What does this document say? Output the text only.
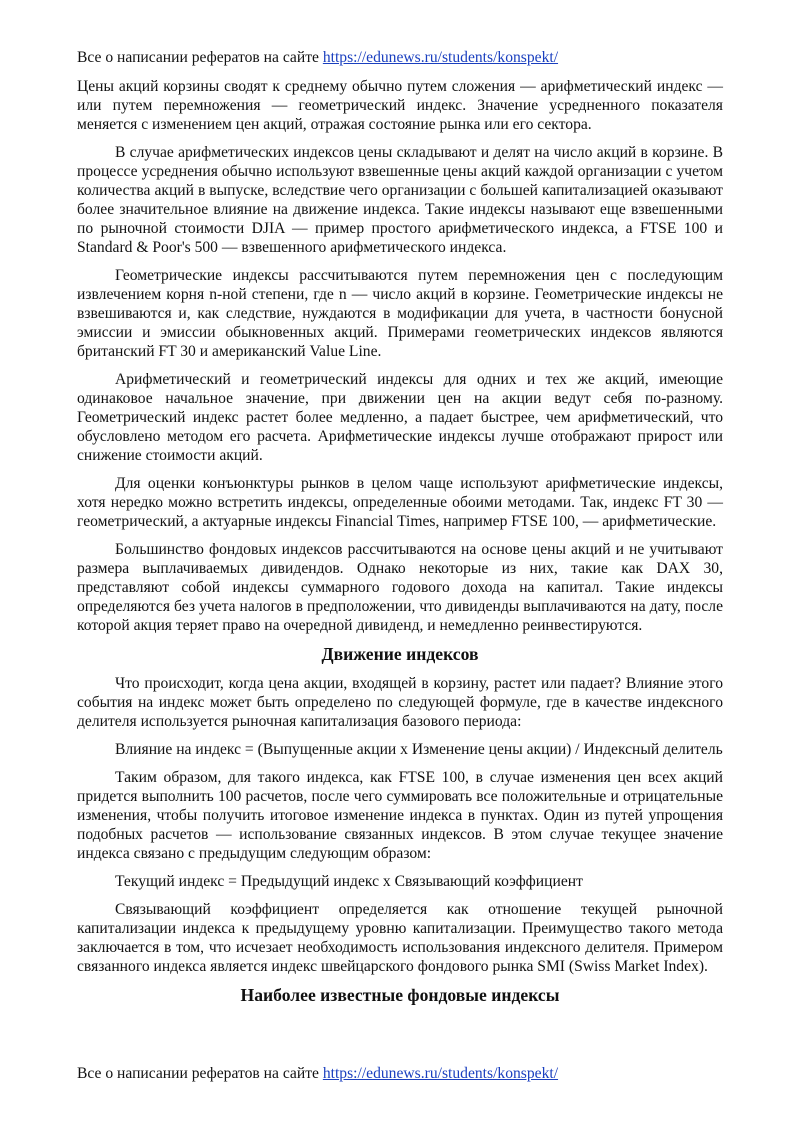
Все о написании рефератов на сайте https://edunews.ru/students/konspekt/

Цены акций корзины сводят к среднему обычно путем сложения — арифметический индекс — или путем перемножения — геометрический индекс. Значение усредненного показателя меняется с изменением цен акций, отражая состояние рынка или его сектора.

В случае арифметических индексов цены складывают и делят на число акций в корзине. В процессе усреднения обычно используют взвешенные цены акций каждой организации с учетом количества акций в выпуске, вследствие чего организации с большей капитализацией оказывают более значительное влияние на движение индекса. Такие индексы называют еще взвешенными по рыночной стоимости DJIA — пример простого арифметического индекса, а FTSE 100 и Standard & Poor's 500 — взвешенного арифметического индекса.

Геометрические индексы рассчитываются путем перемножения цен с последующим извлечением корня n-ной степени, где n — число акций в корзине. Геометрические индексы не взвешиваются и, как следствие, нуждаются в модификации для учета, в частности бонусной эмиссии и эмиссии обыкновенных акций. Примерами геометрических индексов являются британский FT 30 и американский Value Line.

Арифметический и геометрический индексы для одних и тех же акций, имеющие одинаковое начальное значение, при движении цен на акции ведут себя по-разному. Геометрический индекс растет более медленно, а падает быстрее, чем арифметический, что обусловлено методом его расчета. Арифметические индексы лучше отображают прирост или снижение стоимости акций.

Для оценки конъюнктуры рынков в целом чаще используют арифметические индексы, хотя нередко можно встретить индексы, определенные обоими методами. Так, индекс FT 30 — геометрический, а актуарные индексы Financial Times, например FTSE 100, — арифметические.

Большинство фондовых индексов рассчитываются на основе цены акций и не учитывают размера выплачиваемых дивидендов. Однако некоторые из них, такие как DAX 30, представляют собой индексы суммарного годового дохода на капитал. Такие индексы определяются без учета налогов в предположении, что дивиденды выплачиваются на дату, после которой акция теряет право на очередной дивиденд, и немедленно реинвестируются.

Движение индексов

Что происходит, когда цена акции, входящей в корзину, растет или падает? Влияние этого события на индекс может быть определено по следующей формуле, где в качестве индексного делителя используется рыночная капитализация базового периода:

Влияние на индекс = (Выпущенные акции x Изменение цены акции) / Индексный делитель

Таким образом, для такого индекса, как FTSE 100, в случае изменения цен всех акций придется выполнить 100 расчетов, после чего суммировать все положительные и отрицательные изменения, чтобы получить итоговое изменение индекса в пунктах. Один из путей упрощения подобных расчетов — использование связанных индексов. В этом случае текущее значение индекса связано с предыдущим следующим образом:

Текущий индекс = Предыдущий индекс x Связывающий коэффициент

Связывающий коэффициент определяется как отношение текущей рыночной капитализации индекса к предыдущему уровню капитализации. Преимущество такого метода заключается в том, что исчезает необходимость использования индексного делителя. Примером связанного индекса является индекс швейцарского фондового рынка SMI (Swiss Market Index).

Наиболее известные фондовые индексы
Все о написании рефератов на сайте https://edunews.ru/students/konspekt/
